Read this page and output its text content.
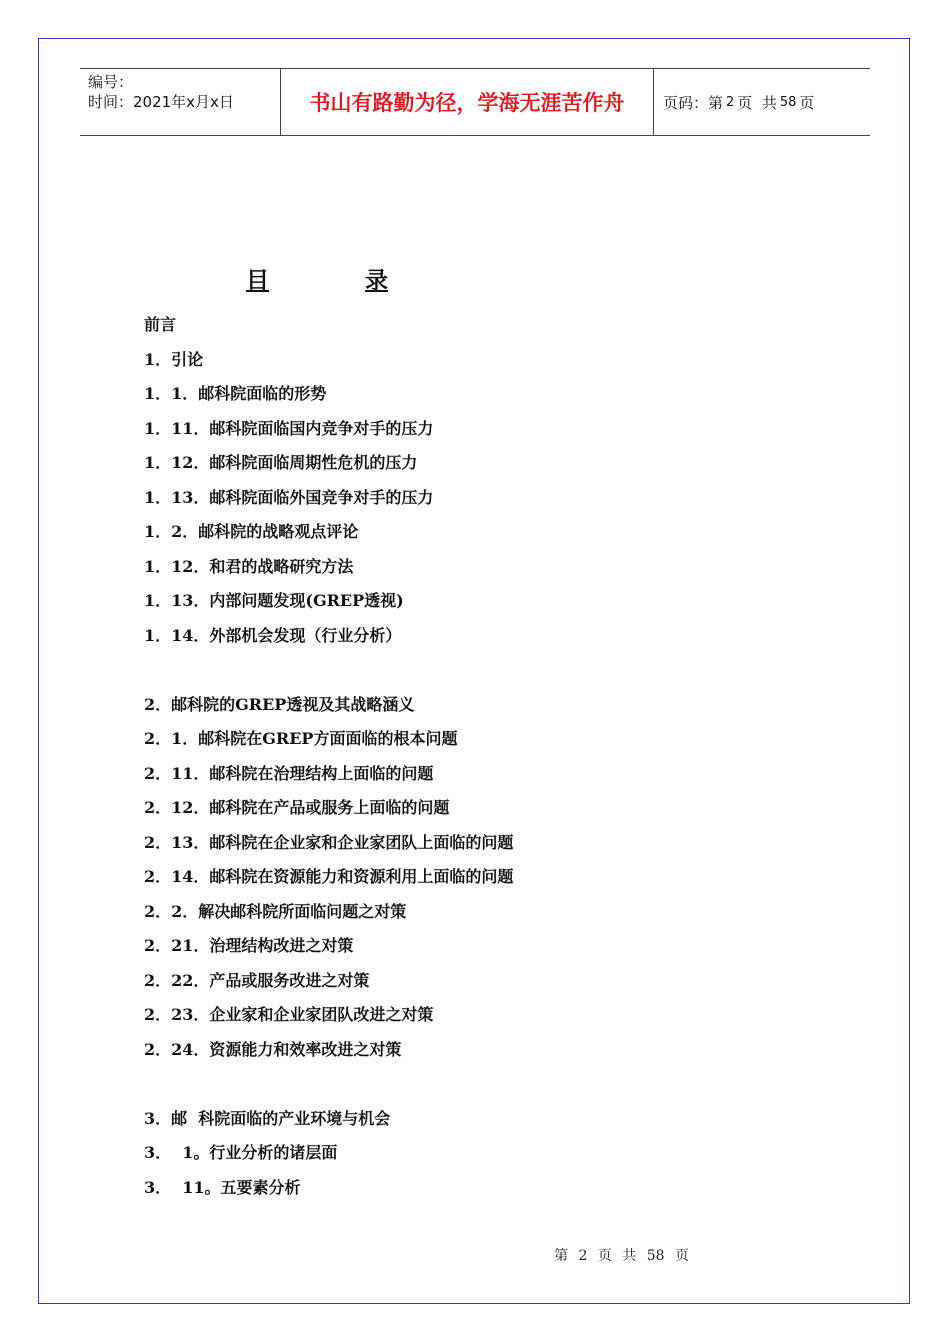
编号：
时间：2021年x月x日	书山有路勤为径，学海无涯苦作舟	页码：第 2 页  共 58 页
目	录
前言
1．引论
1．1．邮科院面临的形势
1．11．邮科院面临国内竞争对手的压力
1．12．邮科院面临周期性危机的压力
1．13．邮科院面临外国竞争对手的压力
1．2．邮科院的战略观点评论
1．12．和君的战略研究方法
1．13．内部问题发现(GREP透视)
1．14．外部机会发现（行业分析）
2．邮科院的GREP透视及其战略涵义
2．1．邮科院在GREP方面面临的根本问题
2．11．邮科院在治理结构上面临的问题
2．12．邮科院在产品或服务上面临的问题
2．13．邮科院在企业家和企业家团队上面临的问题
2．14．邮科院在资源能力和资源利用上面临的问题
2．2．解决邮科院所面临问题之对策
2．21．治理结构改进之对策
2．22．产品或服务改进之对策
2．23．企业家和企业家团队改进之对策
2．24．资源能力和效率改进之对策
3．邮  科院面临的产业环境与机会
3．  1。行业分析的诸层面
3．  11。五要素分析
第 2 页 共 58 页
